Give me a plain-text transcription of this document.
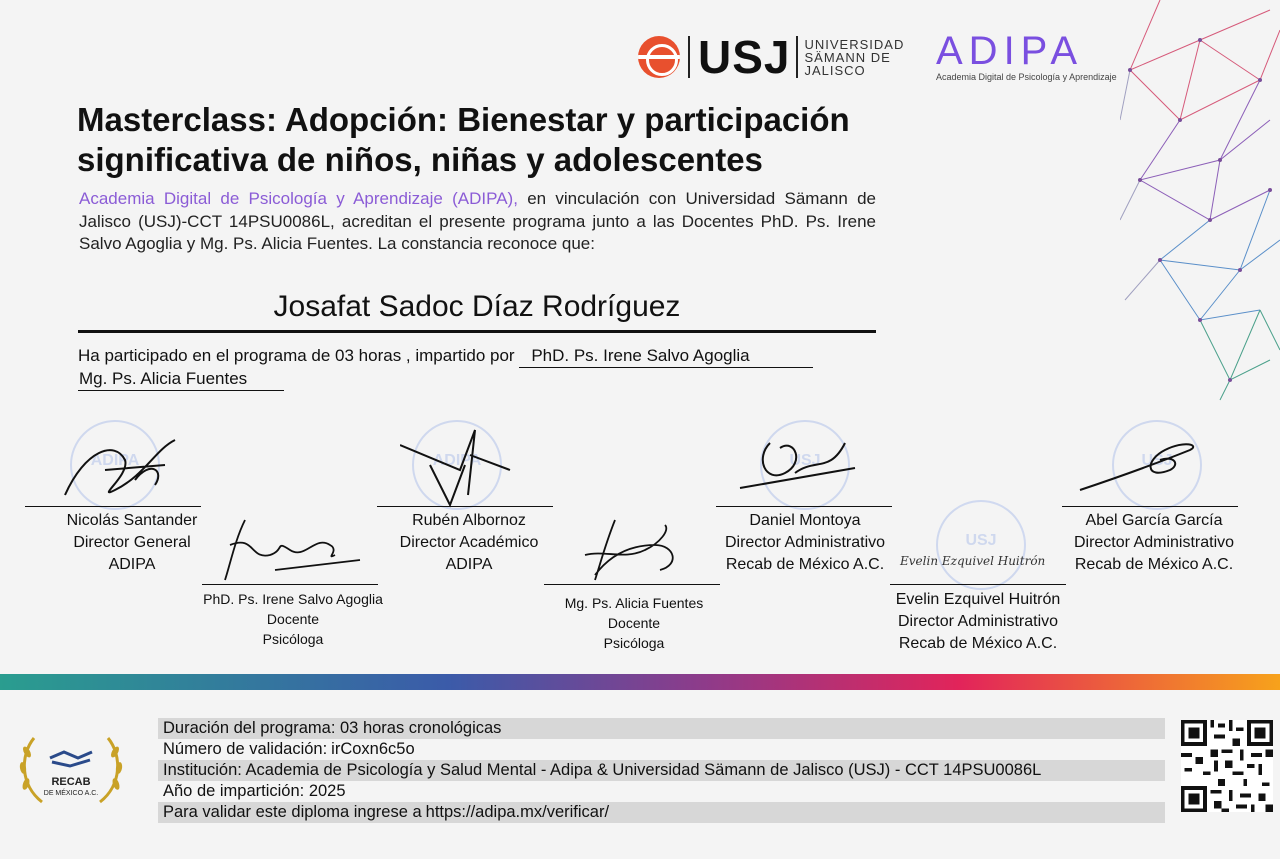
USJ UNIVERSIDAD
SÄMANN DE
JALISCO	ADIPA
Academia Digital de Psicología y Aprendizaje
Masterclass: Adopción: Bienestar y participación significativa de niños, niñas y adolescentes
Academia Digital de Psicología y Aprendizaje (ADIPA), en vinculación con Universidad Sämann de Jalisco (USJ)-CCT 14PSU0086L, acreditan el presente programa junto a las Docentes PhD. Ps. Irene Salvo Agoglia y Mg. Ps. Alicia Fuentes. La constancia reconoce que:
Josafat Sadoc Díaz Rodríguez
Ha participado en el programa de 03 horas , impartido por PhD. Ps. Irene Salvo Agoglia
Mg. Ps. Alicia Fuentes
ADIPA	ADIPA	USJ	USJ
USJ
Evelin Ezquivel Huitrón
Nicolás Santander
Director General
ADIPA
Rubén Albornoz
Director Académico
ADIPA
Daniel Montoya
Director Administrativo
Recab de México A.C.
Abel García García
Director Administrativo
Recab de México A.C.
PhD. Ps. Irene Salvo Agoglia
Docente
Psicóloga
Mg. Ps. Alicia Fuentes
Docente
Psicóloga
Evelin Ezquivel Huitrón
Director Administrativo
Recab de México A.C.
RECAB
DE MÉXICO A.C.
Duración del programa: 03 horas cronológicas
Número de validación: irCoxn6c5o
Institución: Academia de Psicología y Salud Mental - Adipa & Universidad Sämann de Jalisco (USJ) - CCT 14PSU0086L
Año de impartición: 2025
Para validar este diploma ingrese a https://adipa.mx/verificar/
